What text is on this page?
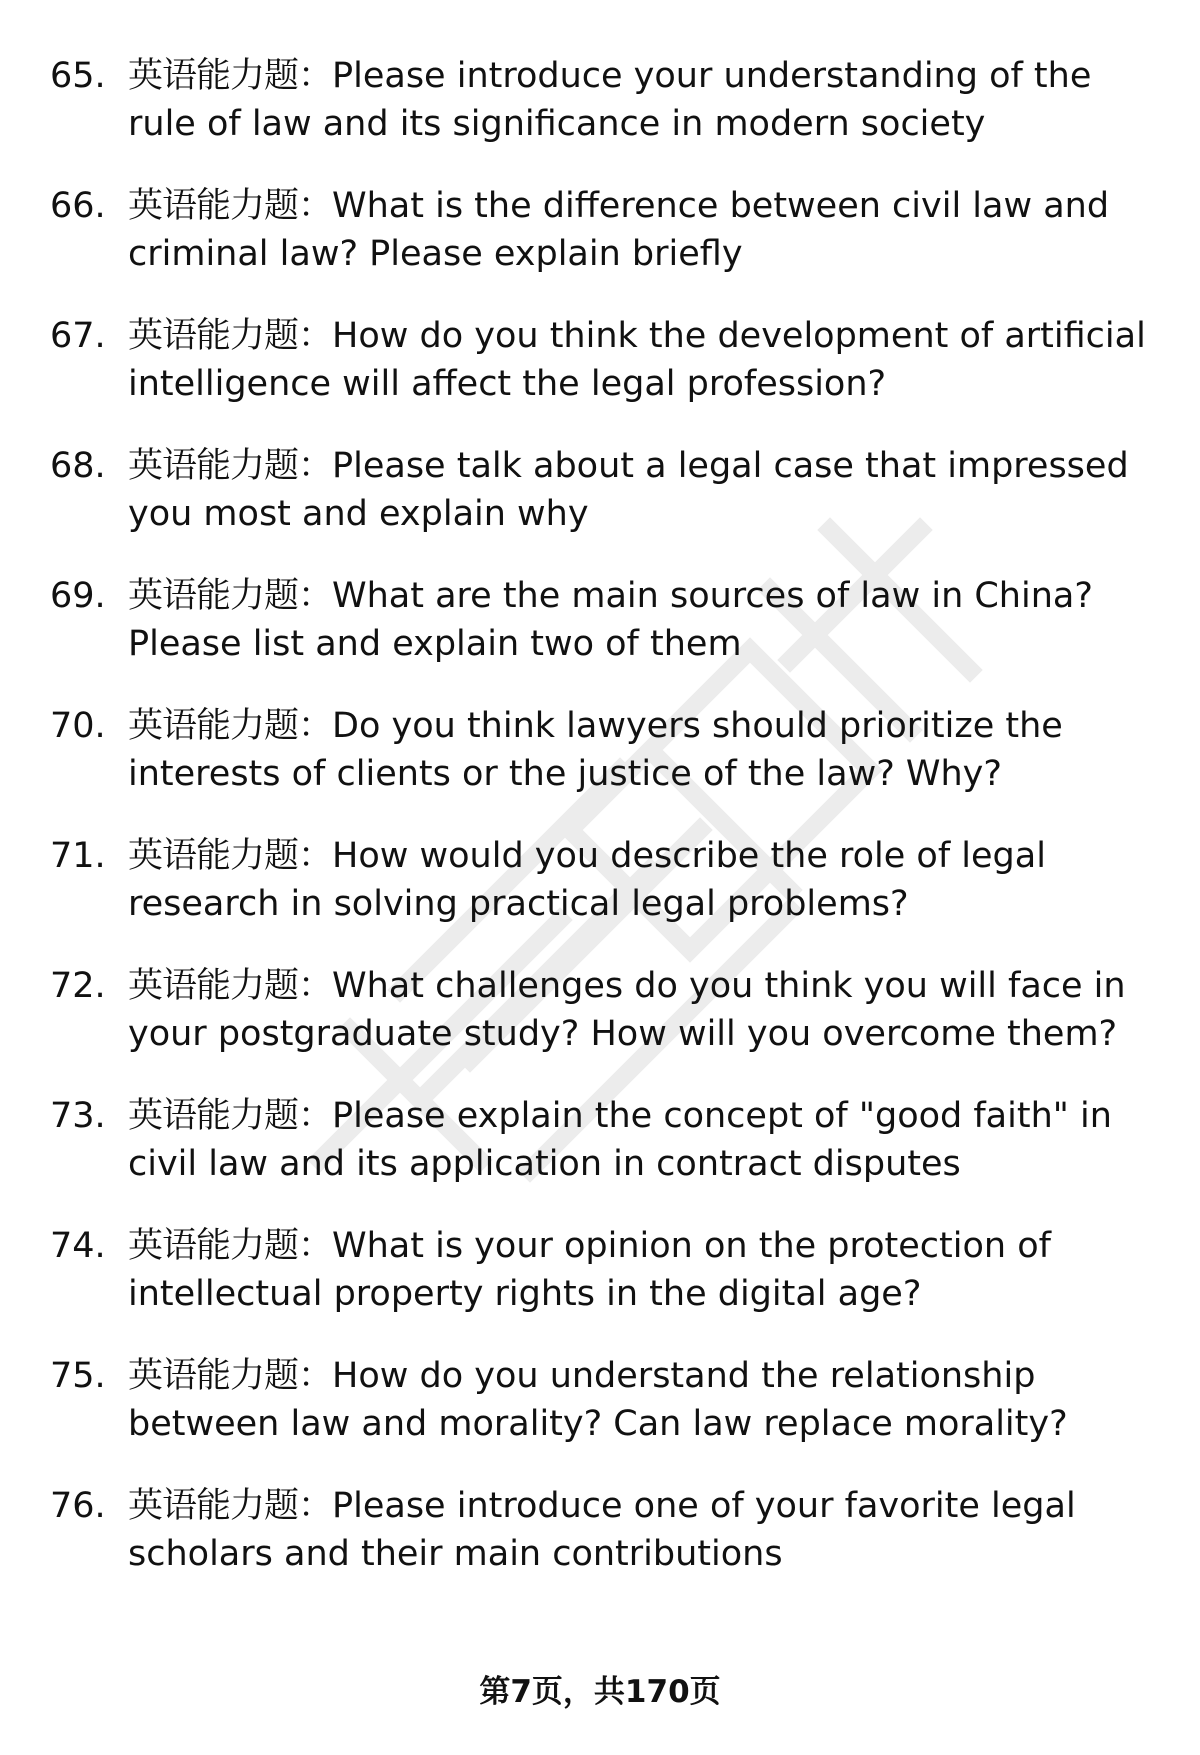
65. 英语能力题：Please introduce your understanding of the rule of law and its significance in modern society
66. 英语能力题：What is the difference between civil law and criminal law? Please explain briefly
67. 英语能力题：How do you think the development of artificial intelligence will affect the legal profession?
68. 英语能力题：Please talk about a legal case that impressed you most and explain why
69. 英语能力题：What are the main sources of law in China? Please list and explain two of them
70. 英语能力题：Do you think lawyers should prioritize the interests of clients or the justice of the law? Why?
71. 英语能力题：How would you describe the role of legal research in solving practical legal problems?
72. 英语能力题：What challenges do you think you will face in your postgraduate study? How will you overcome them?
73. 英语能力题：Please explain the concept of "good faith" in civil law and its application in contract disputes
74. 英语能力题：What is your opinion on the protection of intellectual property rights in the digital age?
75. 英语能力题：How do you understand the relationship between law and morality? Can law replace morality?
76. 英语能力题：Please introduce one of your favorite legal scholars and their main contributions
第7页，共170页
